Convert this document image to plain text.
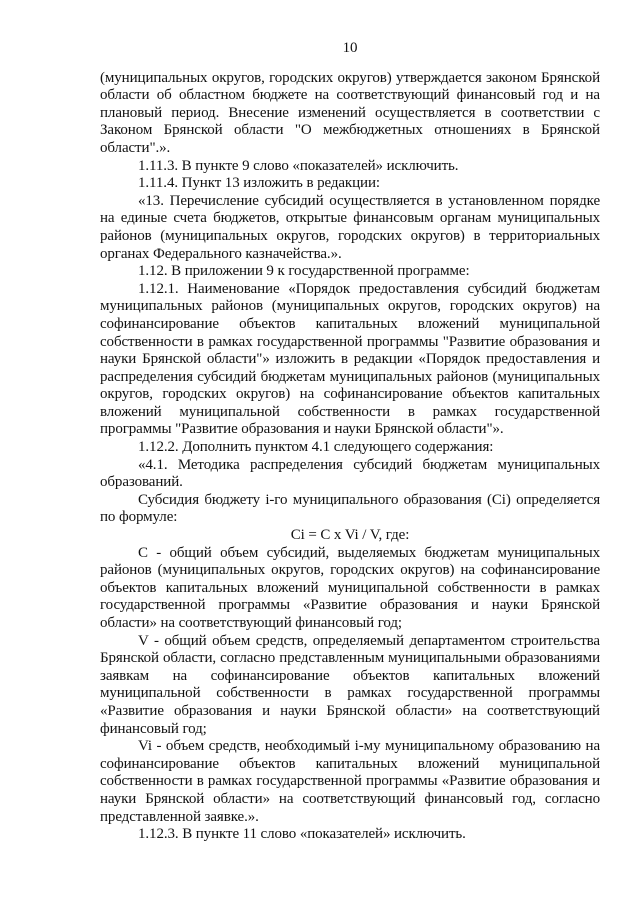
10

(муниципальных округов, городских округов) утверждается законом Брянской области об областном бюджете на соответствующий финансовый год и на плановый период. Внесение изменений осуществляется в соответствии с Законом Брянской области "О межбюджетных отношениях в Брянской области".».

1.11.3. В пункте 9 слово «показателей» исключить.

1.11.4. Пункт 13 изложить в редакции:

«13. Перечисление субсидий осуществляется в установленном порядке на единые счета бюджетов, открытые финансовым органам муниципальных районов (муниципальных округов, городских округов) в территориальных органах Федерального казначейства.».

1.12. В приложении 9 к государственной программе:

1.12.1. Наименование «Порядок предоставления субсидий бюджетам муниципальных районов (муниципальных округов, городских округов) на софинансирование объектов капитальных вложений муниципальной собственности в рамках государственной программы "Развитие образования и науки Брянской области"» изложить в редакции «Порядок предоставления и распределения субсидий бюджетам муниципальных районов (муниципальных округов, городских округов) на софинансирование объектов капитальных вложений муниципальной собственности в рамках государственной программы "Развитие образования и науки Брянской области"».

1.12.2. Дополнить пунктом 4.1 следующего содержания:

«4.1. Методика распределения субсидий бюджетам муниципальных образований.

Субсидия бюджету i-го муниципального образования (Ci) определяется по формуле:

Ci = C x Vi / V, где:

C - общий объем субсидий, выделяемых бюджетам муниципальных районов (муниципальных округов, городских округов) на софинансирование объектов капитальных вложений муниципальной собственности в рамках государственной программы «Развитие образования и науки Брянской области» на соответствующий финансовый год;

V - общий объем средств, определяемый департаментом строительства Брянской области, согласно представленным муниципальными образованиями заявкам на софинансирование объектов капитальных вложений муниципальной собственности в рамках государственной программы «Развитие образования и науки Брянской области» на соответствующий финансовый год;

Vi - объем средств, необходимый i-му муниципальному образованию на софинансирование объектов капитальных вложений муниципальной собственности в рамках государственной программы «Развитие образования и науки Брянской области» на соответствующий финансовый год, согласно представленной заявке.».

1.12.3. В пункте 11 слово «показателей» исключить.
